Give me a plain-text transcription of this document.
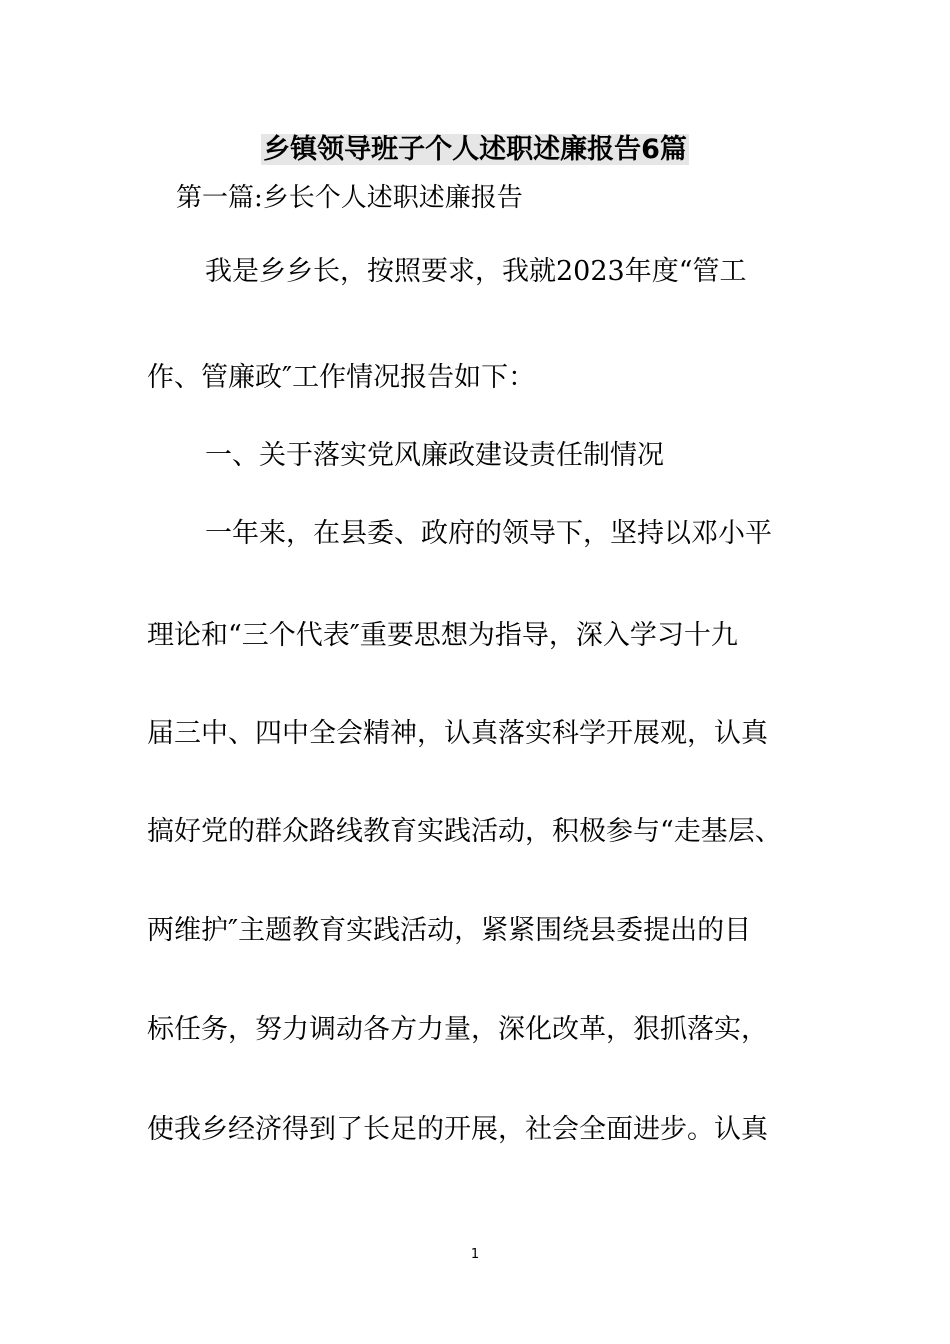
乡镇领导班子个人述职述廉报告6篇

第一篇:乡长个人述职述廉报告

我是乡乡长，按照要求，我就2023年度“管工

作、管廉政″工作情况报告如下：

一、关于落实党风廉政建设责任制情况

一年来，在县委、政府的领导下，坚持以邓小平

理论和“三个代表″重要思想为指导，深入学习十九

届三中、四中全会精神，认真落实科学开展观，认真

搞好党的群众路线教育实践活动，积极参与“走基层、

两维护″主题教育实践活动，紧紧围绕县委提出的目

标任务，努力调动各方力量，深化改革，狠抓落实，

使我乡经济得到了长足的开展，社会全面进步。认真

1
